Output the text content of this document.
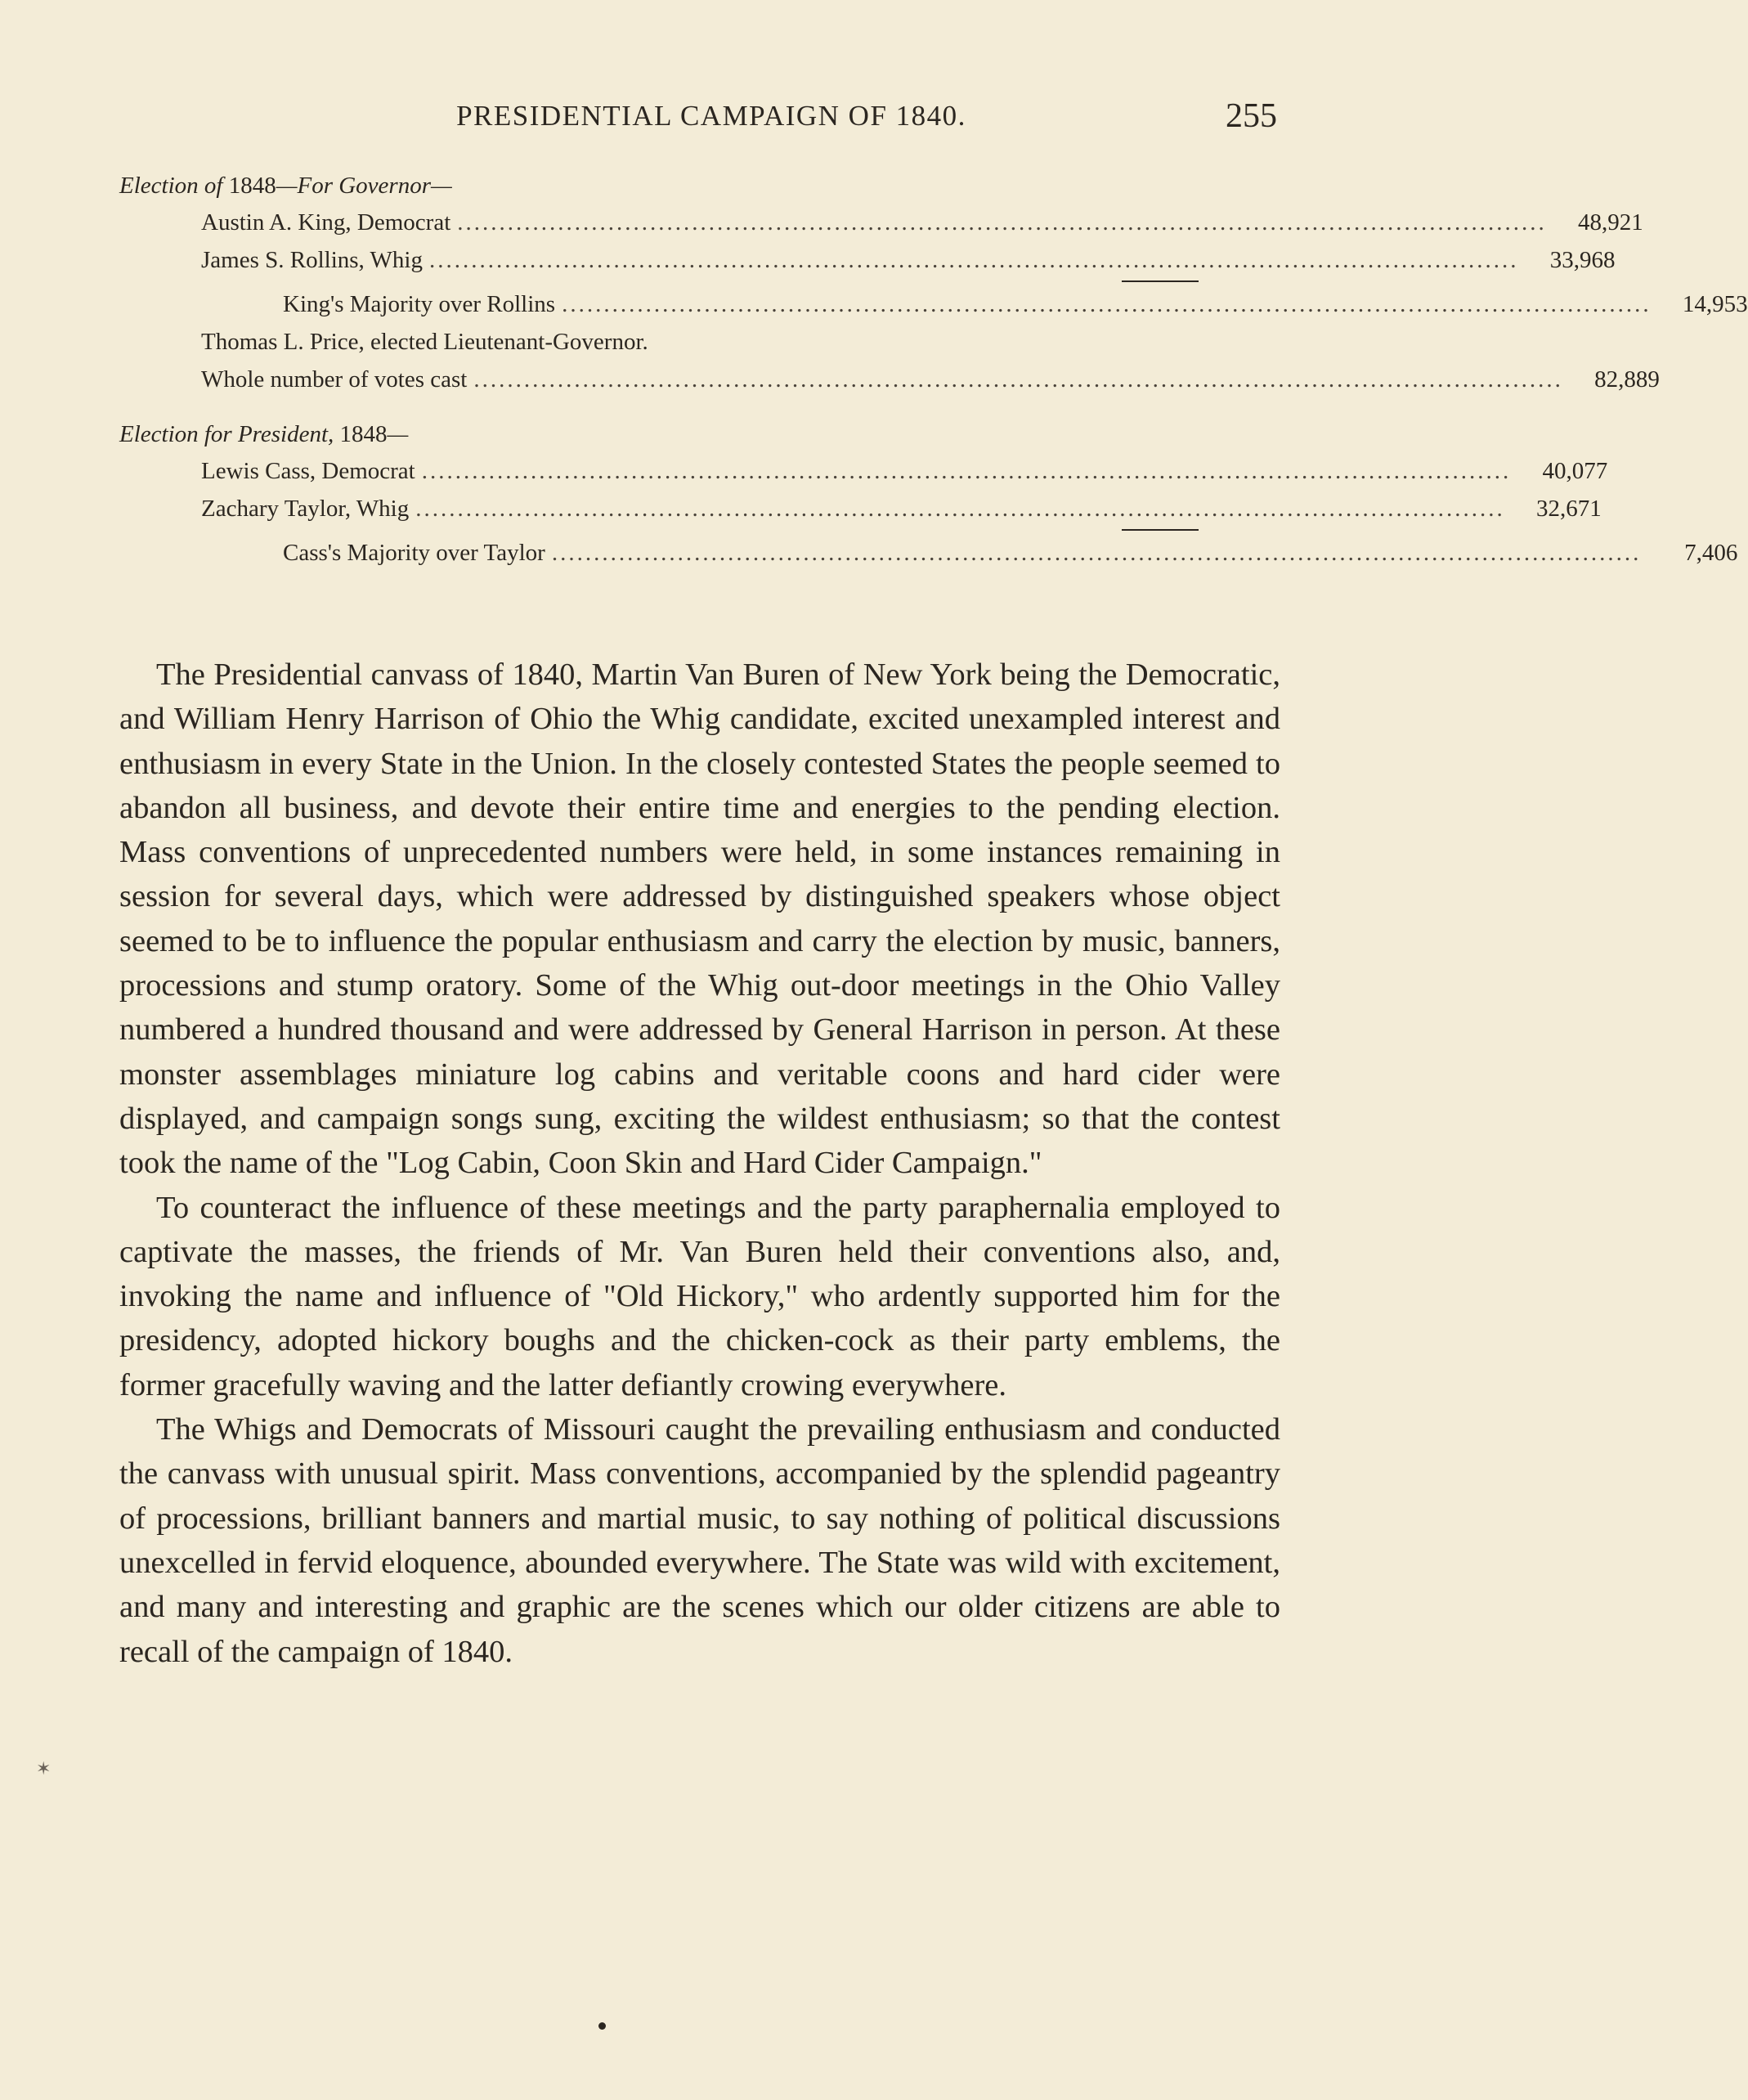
PRESIDENTIAL CAMPAIGN OF 1840.	255
Election of 1848—For Governor—
Austin A. King, Democrat ..................................................................................................................................	48,921
James S. Rollins, Whig ..................................................................................................................................	33,968
King's Majority over Rollins ..................................................................................................................................	14,953
Thomas L. Price, elected Lieutenant-Governor.
Whole number of votes cast ..................................................................................................................................	82,889
Election for President, 1848—
Lewis Cass, Democrat ..................................................................................................................................	40,077
Zachary Taylor, Whig ..................................................................................................................................	32,671
Cass's Majority over Taylor ..................................................................................................................................	7,406

The Presidential canvass of 1840, Martin Van Buren of New York being the Democratic, and William Henry Harrison of Ohio the Whig candidate, excited unexampled interest and enthusiasm in every State in the Union. In the closely contested States the people seemed to abandon all business, and devote their entire time and energies to the pending election. Mass conventions of unprecedented numbers were held, in some instances remaining in session for several days, which were addressed by distinguished speakers whose object seemed to be to influence the popular enthusiasm and carry the election by music, banners, processions and stump oratory. Some of the Whig out-door meetings in the Ohio Valley numbered a hundred thousand and were addressed by General Harrison in person. At these monster assemblages miniature log cabins and veritable coons and hard cider were displayed, and campaign songs sung, exciting the wildest enthusiasm; so that the contest took the name of the "Log Cabin, Coon Skin and Hard Cider Campaign."

To counteract the influence of these meetings and the party paraphernalia employed to captivate the masses, the friends of Mr. Van Buren held their conventions also, and, invoking the name and influence of "Old Hickory," who ardently supported him for the presidency, adopted hickory boughs and the chicken-cock as their party emblems, the former gracefully waving and the latter defiantly crowing everywhere.

The Whigs and Democrats of Missouri caught the prevailing enthusiasm and conducted the canvass with unusual spirit. Mass conventions, accompanied by the splendid pageantry of processions, brilliant banners and martial music, to say nothing of political discussions unexcelled in fervid eloquence, abounded everywhere. The State was wild with excitement, and many and interesting and graphic are the scenes which our older citizens are able to recall of the campaign of 1840.

✶
